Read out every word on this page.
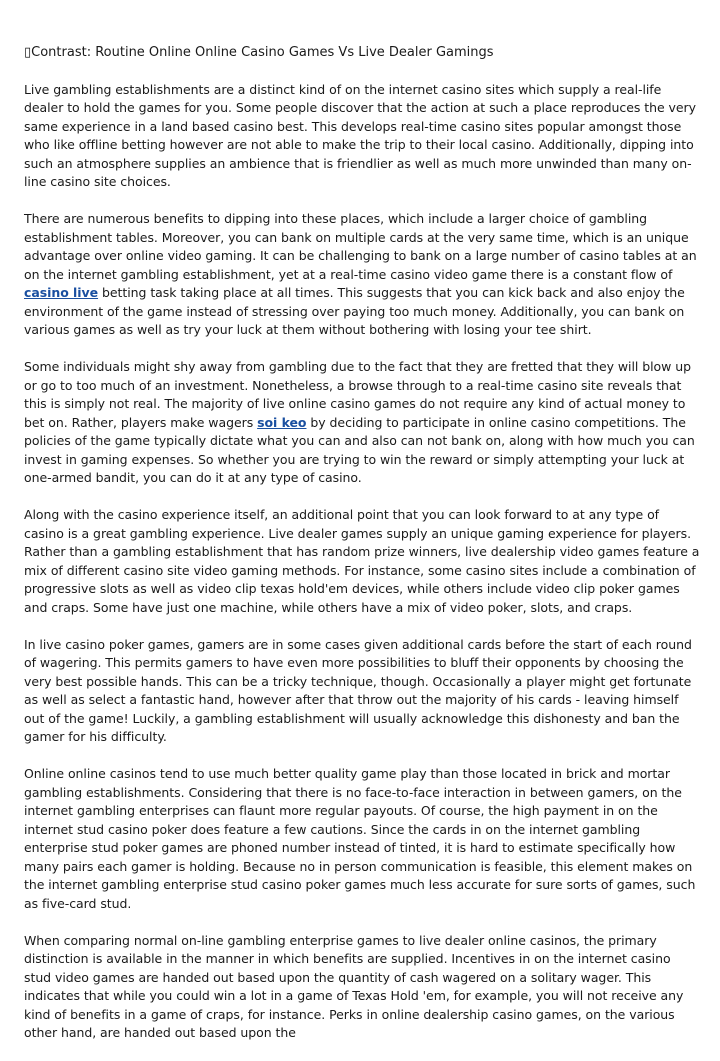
▯Contrast: Routine Online Online Casino Games Vs Live Dealer Gamings

Live gambling establishments are a distinct kind of on the internet casino sites which supply a real-life dealer to hold the games for you. Some people discover that the action at such a place reproduces the very same experience in a land based casino best. This develops real-time casino sites popular amongst those who like offline betting however are not able to make the trip to their local casino. Additionally, dipping into such an atmosphere supplies an ambience that is friendlier as well as much more unwinded than many on-line casino site choices.

There are numerous benefits to dipping into these places, which include a larger choice of gambling establishment tables. Moreover, you can bank on multiple cards at the very same time, which is an unique advantage over online video gaming. It can be challenging to bank on a large number of casino tables at an on the internet gambling establishment, yet at a real-time casino video game there is a constant flow of casino live betting task taking place at all times. This suggests that you can kick back and also enjoy the environment of the game instead of stressing over paying too much money. Additionally, you can bank on various games as well as try your luck at them without bothering with losing your tee shirt.

Some individuals might shy away from gambling due to the fact that they are fretted that they will blow up or go to too much of an investment. Nonetheless, a browse through to a real-time casino site reveals that this is simply not real. The majority of live online casino games do not require any kind of actual money to bet on. Rather, players make wagers soi keo by deciding to participate in online casino competitions. The policies of the game typically dictate what you can and also can not bank on, along with how much you can invest in gaming expenses. So whether you are trying to win the reward or simply attempting your luck at one-armed bandit, you can do it at any type of casino.

Along with the casino experience itself, an additional point that you can look forward to at any type of casino is a great gambling experience. Live dealer games supply an unique gaming experience for players. Rather than a gambling establishment that has random prize winners, live dealership video games feature a mix of different casino site video gaming methods. For instance, some casino sites include a combination of progressive slots as well as video clip texas hold'em devices, while others include video clip poker games and craps. Some have just one machine, while others have a mix of video poker, slots, and craps.

In live casino poker games, gamers are in some cases given additional cards before the start of each round of wagering. This permits gamers to have even more possibilities to bluff their opponents by choosing the very best possible hands. This can be a tricky technique, though. Occasionally a player might get fortunate as well as select a fantastic hand, however after that throw out the majority of his cards - leaving himself out of the game! Luckily, a gambling establishment will usually acknowledge this dishonesty and ban the gamer for his difficulty.

Online online casinos tend to use much better quality game play than those located in brick and mortar gambling establishments. Considering that there is no face-to-face interaction in between gamers, on the internet gambling enterprises can flaunt more regular payouts. Of course, the high payment in on the internet stud casino poker does feature a few cautions. Since the cards in on the internet gambling enterprise stud poker games are phoned number instead of tinted, it is hard to estimate specifically how many pairs each gamer is holding. Because no in person communication is feasible, this element makes on the internet gambling enterprise stud casino poker games much less accurate for sure sorts of games, such as five-card stud.

When comparing normal on-line gambling enterprise games to live dealer online casinos, the primary distinction is available in the manner in which benefits are supplied. Incentives in on the internet casino stud video games are handed out based upon the quantity of cash wagered on a solitary wager. This indicates that while you could win a lot in a game of Texas Hold 'em, for example, you will not receive any kind of benefits in a game of craps, for instance. Perks in online dealership casino games, on the various other hand, are handed out based upon the
